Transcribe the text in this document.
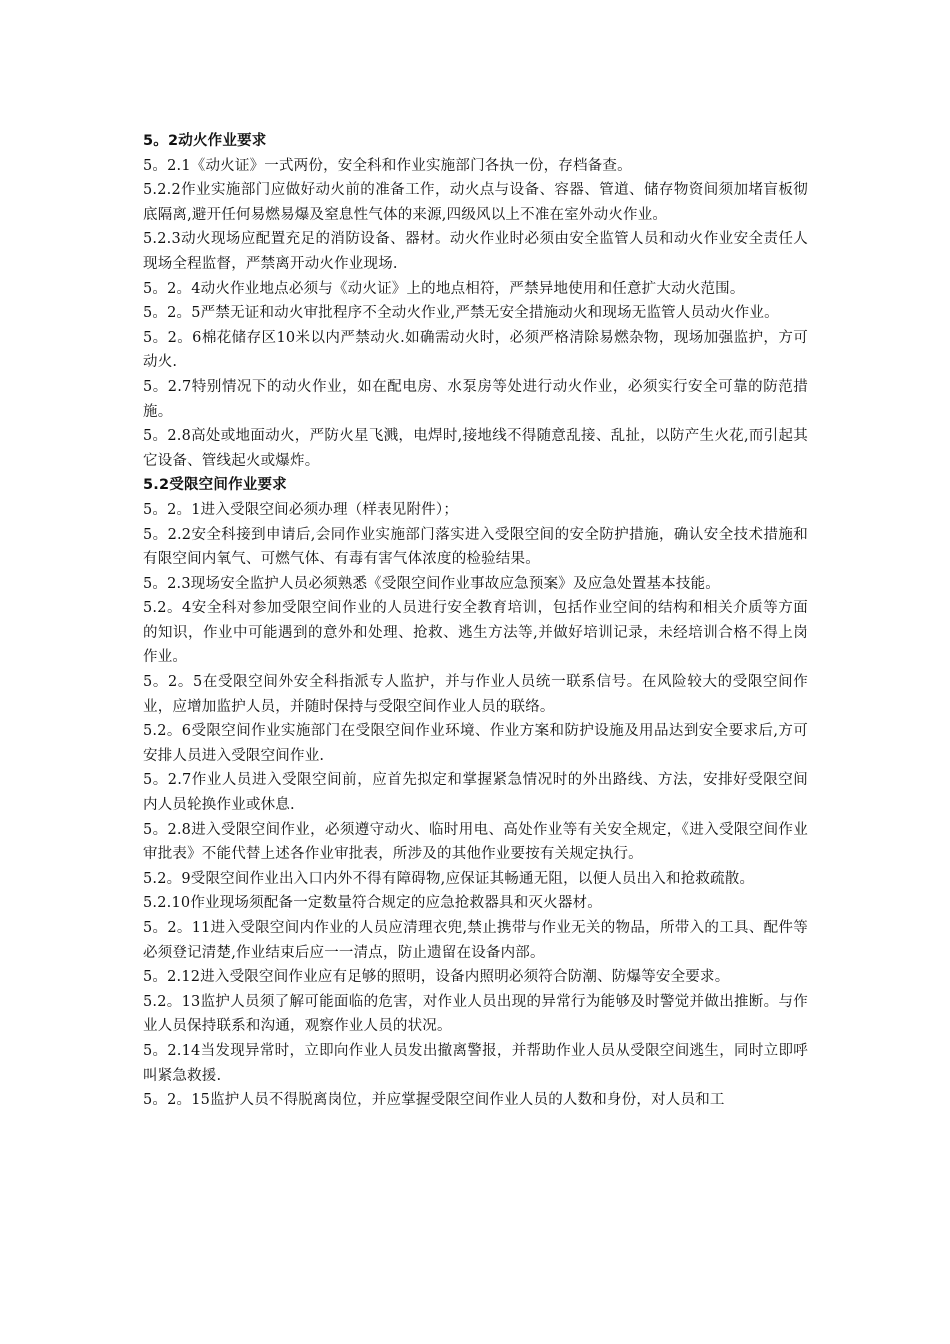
5。2动火作业要求

5。2.1《动火证》一式两份，安全科和作业实施部门各执一份，存档备查。

5.2.2作业实施部门应做好动火前的准备工作，动火点与设备、容器、管道、储存物资间须加堵盲板彻底隔离,避开任何易燃易爆及窒息性气体的来源,四级风以上不准在室外动火作业。

5.2.3动火现场应配置充足的消防设备、器材。动火作业时必须由安全监管人员和动火作业安全责任人现场全程监督，严禁离开动火作业现场.

5。2。4动火作业地点必须与《动火证》上的地点相符，严禁异地使用和任意扩大动火范围。

5。2。5严禁无证和动火审批程序不全动火作业,严禁无安全措施动火和现场无监管人员动火作业。

5。2。6棉花储存区10米以内严禁动火.如确需动火时，必须严格清除易燃杂物，现场加强监护，方可动火.

5。2.7特别情况下的动火作业，如在配电房、水泵房等处进行动火作业，必须实行安全可靠的防范措施。

5。2.8高处或地面动火，严防火星飞溅，电焊时,接地线不得随意乱接、乱扯，以防产生火花,而引起其它设备、管线起火或爆炸。

5.2受限空间作业要求

5。2。1进入受限空间必须办理（样表见附件）；

5。2.2安全科接到申请后,会同作业实施部门落实进入受限空间的安全防护措施，确认安全技术措施和有限空间内氧气、可燃气体、有毒有害气体浓度的检验结果。

5。2.3现场安全监护人员必须熟悉《受限空间作业事故应急预案》及应急处置基本技能。

5.2。4安全科对参加受限空间作业的人员进行安全教育培训，包括作业空间的结构和相关介质等方面的知识，作业中可能遇到的意外和处理、抢救、逃生方法等,并做好培训记录，未经培训合格不得上岗作业。

5。2。5在受限空间外安全科指派专人监护，并与作业人员统一联系信号。在风险较大的受限空间作业，应增加监护人员，并随时保持与受限空间作业人员的联络。

5.2。6受限空间作业实施部门在受限空间作业环境、作业方案和防护设施及用品达到安全要求后,方可安排人员进入受限空间作业.

5。2.7作业人员进入受限空间前，应首先拟定和掌握紧急情况时的外出路线、方法，安排好受限空间内人员轮换作业或休息.

5。2.8进入受限空间作业，必须遵守动火、临时用电、高处作业等有关安全规定，《进入受限空间作业审批表》不能代替上述各作业审批表，所涉及的其他作业要按有关规定执行。

5.2。9受限空间作业出入口内外不得有障碍物,应保证其畅通无阻，以便人员出入和抢救疏散。

5.2.10作业现场须配备一定数量符合规定的应急抢救器具和灭火器材。

5。2。11进入受限空间内作业的人员应清理衣兜,禁止携带与作业无关的物品，所带入的工具、配件等必须登记清楚,作业结束后应一一清点，防止遗留在设备内部。

5。2.12进入受限空间作业应有足够的照明，设备内照明必须符合防潮、防爆等安全要求。

5.2。13监护人员须了解可能面临的危害，对作业人员出现的异常行为能够及时警觉并做出推断。与作业人员保持联系和沟通，观察作业人员的状况。

5。2.14当发现异常时，立即向作业人员发出撤离警报，并帮助作业人员从受限空间逃生，同时立即呼叫紧急救援.

5。2。15监护人员不得脱离岗位，并应掌握受限空间作业人员的人数和身份，对人员和工
